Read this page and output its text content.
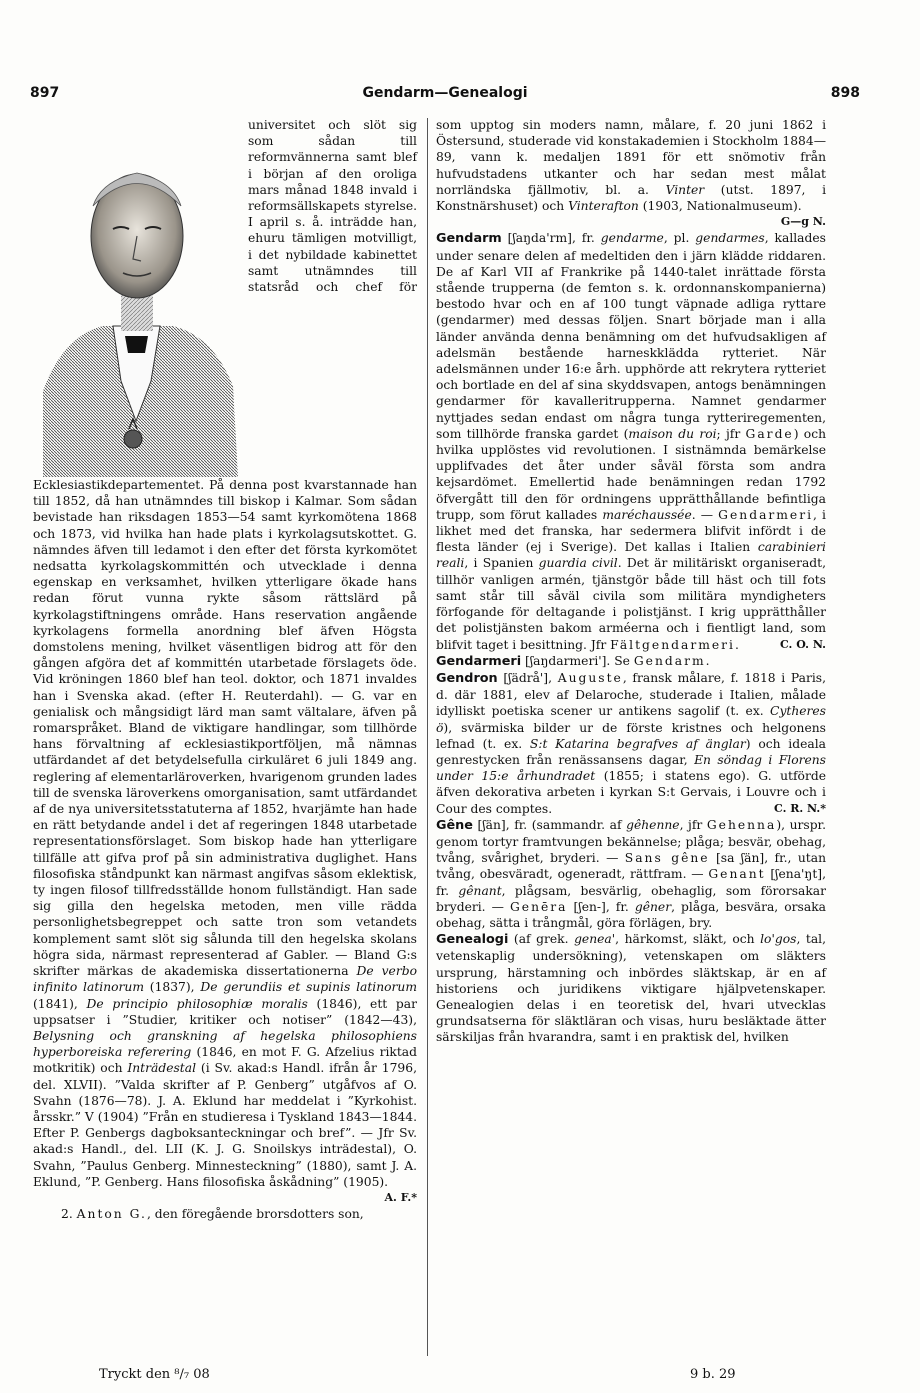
897	Gendarm—Genealogi	898

universitet och slöt sig som sådan till reformvännerna samt blef i början af den oroliga mars månad 1848 invald i reformsällskapets styrelse. I april s. å. inträdde han, ehuru tämligen motvilligt, i det nybildade kabinettet samt utnämndes till statsråd och chef för Ecklesiastikdepartementet. På denna post kvarstannade han till 1852, då han utnämndes till biskop i Kalmar. Som sådan bevistade han riksdagen 1853—54 samt kyrkomötena 1868 och 1873, vid hvilka han hade plats i kyrkolagsutskottet. G. nämndes äfven till ledamot i den efter det första kyrkomötet nedsatta kyrkolagskommittén och utvecklade i denna egenskap en verksamhet, hvilken ytterligare ökade hans redan förut vunna rykte såsom rättslärd på kyrkolagstiftningens område. Hans reservation angående kyrkolagens formella anordning blef äfven Högsta domstolens mening, hvilket väsentligen bidrog att för den gången afgöra det af kommittén utarbetade förslagets öde. Vid kröningen 1860 blef han teol. doktor, och 1871 invaldes han i Svenska akad. (efter H. Reuterdahl). — G. var en genialisk och mångsidigt lärd man samt vältalare, äfven på romarspråket. Bland de viktigare handlingar, som tillhörde hans förvaltning af ecklesiastikportföljen, må nämnas utfärdandet af det betydelsefulla cirkuläret 6 juli 1849 ang. reglering af elementarläroverken, hvarigenom grunden lades till de svenska läroverkens omorganisation, samt utfärdandet af de nya universitetsstatuterna af 1852, hvarjämte han hade en rätt betydande andel i det af regeringen 1848 utarbetade representationsförslaget. Som biskop hade han ytterligare tillfälle att gifva prof på sin administrativa duglighet. Hans filosofiska ståndpunkt kan närmast angifvas såsom eklektisk, ty ingen filosof tillfredsställde honom fullständigt. Han sade sig gilla den hegelska metoden, men ville rädda personlighetsbegreppet och satte tron som vetandets komplement samt slöt sig sålunda till den hegelska skolans högra sida, närmast representerad af Gabler. — Bland G:s skrifter märkas de akademiska dissertationerna De verbo infinito latinorum (1837), De gerundiis et supinis latinorum (1841), De principio philosophiæ moralis (1846), ett par uppsatser i ”Studier, kritiker och notiser” (1842—43), Belysning och granskning af hegelska philosophiens hyperboreiska referering (1846, en mot F. G. Afzelius riktad motkritik) och Inträdestal (i Sv. akad:s Handl. ifrån år 1796, del. XLVII). ”Valda skrifter af P. Genberg” utgåfvos af O. Svahn (1876—78). J. A. Eklund har meddelat i ”Kyrkohist. årsskr.” V (1904) ”Från en studieresa i Tyskland 1843—1844. Efter P. Genbergs dagboksanteckningar och bref”. — Jfr Sv. akad:s Handl., del. LII (K. J. G. Snoilskys inträdestal), O. Svahn, ”Paulus Genberg. Minnesteckning” (1880), samt J. A. Eklund, ”P. Genberg. Hans filosofiska åskådning” (1905).
A. F.*

2. Anton G., den föregående brorsdotters son,

som upptog sin moders namn, målare, f. 20 juni 1862 i Östersund, studerade vid konstakademien i Stockholm 1884—89, vann k. medaljen 1891 för ett snömotiv från hufvudstadens utkanter och har sedan mest målat norrländska fjällmotiv, bl. a. Vinter (utst. 1897, i Konstnärshuset) och Vinterafton (1903, Nationalmuseum).
G—g N.

Gendarm [ʃaŋda'rm], fr. gendarme, pl. gendarmes, kallades under senare delen af medeltiden den i järn klädde riddaren. De af Karl VII af Frankrike på 1440-talet inrättade första stående trupperna (de femton s. k. ordonnanskompanierna) bestodo hvar och en af 100 tungt väpnade adliga ryttare (gendarmer) med dessas följen. Snart började man i alla länder använda denna benämning om det hufvudsakligen af adelsmän bestående harneskklädda rytteriet. När adelsmännen under 16:e årh. upphörde att rekrytera rytteriet och bortlade en del af sina skyddsvapen, antogs benämningen gendarmer för kavalleritrupperna. Namnet gendarmer nyttjades sedan endast om några tunga rytteriregementen, som tillhörde franska gardet (maison du roi; jfr Garde) och hvilka upplöstes vid revolutionen. I sistnämnda bemärkelse upplifvades det åter under såväl första som andra kejsardömet. Emellertid hade benämningen redan 1792 öfvergått till den för ordningens upprätthållande befintliga trupp, som förut kallades maréchaussée. — Gendarmeri, i likhet med det franska, har sedermera blifvit infördt i de flesta länder (ej i Sverige). Det kallas i Italien carabinieri reali, i Spanien guardia civil. Det är militäriskt organiseradt, tillhör vanligen armén, tjänstgör både till häst och till fots samt står till såväl civila som militära myndigheters förfogande för deltagande i polistjänst. I krig upprätthåller det polistjänsten bakom arméerna och i fientligt land, som blifvit taget i besittning. Jfr Fältgendarmeri.	C. O. N.

Gendarmeri [ʃaŋdarmeri']. Se Gendarm.

Gendron [ʃädrå'], Auguste, fransk målare, f. 1818 i Paris, d. där 1881, elev af Delaroche, studerade i Italien, målade idylliskt poetiska scener ur antikens sagolif (t. ex. Cytheres ö), svärmiska bilder ur de förste kristnes och helgonens lefnad (t. ex. S:t Katarina begrafves af änglar) och ideala genrestycken från renässansens dagar, En söndag i Florens under 15:e århundradet (1855; i statens ego). G. utförde äfven dekorativa arbeten i kyrkan S:t Gervais, i Louvre och i Cour des comptes.	C. R. N.*

Gêne [ʃän], fr. (sammandr. af gêhenne, jfr Gehenna), urspr. genom tortyr framtvungen bekännelse; plåga; besvär, obehag, tvång, svårighet, bryderi. — Sans gêne [sa ʃän], fr., utan tvång, obesväradt, ogeneradt, rättfram. — Genant [ʃena'ŋt], fr. gênant, plågsam, besvärlig, obehaglig, som förorsakar bryderi. — Genēra [ʃen-], fr. gêner, plåga, besvära, orsaka obehag, sätta i trångmål, göra förlägen, bry.

Genealogi (af grek. genea', härkomst, släkt, och lo'gos, tal, vetenskaplig undersökning), vetenskapen om släkters ursprung, härstamning och inbördes släktskap, är en af historiens och juridikens viktigare hjälpvetenskaper. Genealogien delas i en teoretisk del, hvari utvecklas grundsatserna för släktläran och visas, huru besläktade ätter särskiljas från hvarandra, samt i en praktisk del, hvilken

Tryckt den ⁸/₇ 08	9 b. 29
